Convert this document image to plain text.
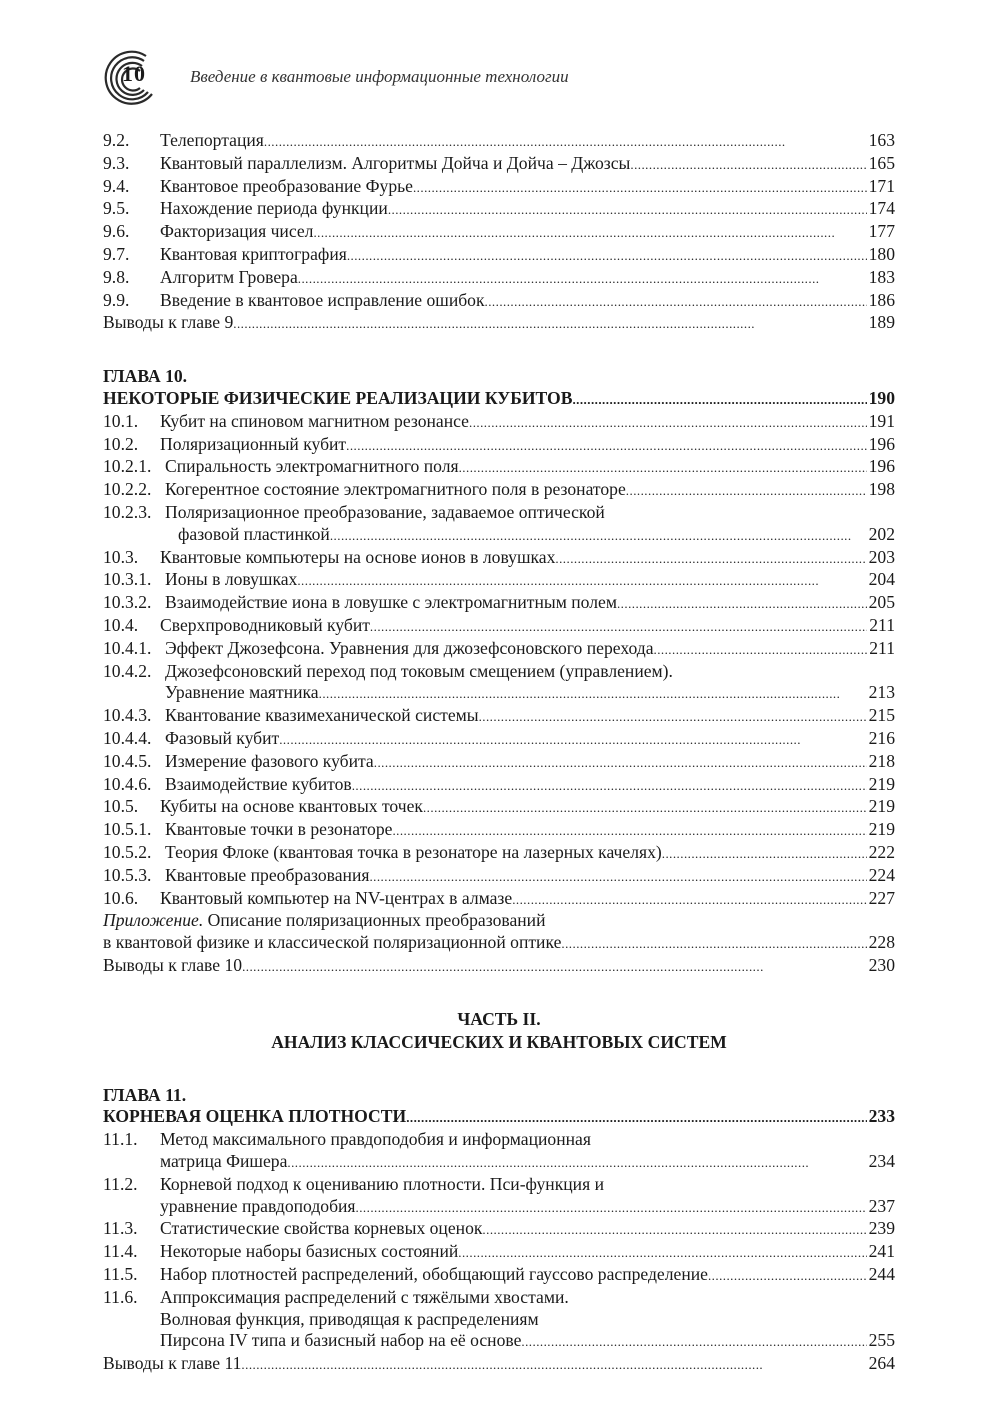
10	Введение в квантовые информационные технологии
9.2.	Телепортация . . .	163
9.3.	Квантовый параллелизм. Алгоритмы Дойча и Дойча – Джозсы . . .	165
9.4.	Квантовое преобразование Фурье . . .	171
9.5.	Нахождение периода функции . . .	174
9.6.	Факторизация чисел . . .	177
9.7.	Квантовая криптография . . .	180
9.8.	Алгоритм Гровера . . .	183
9.9.	Введение в квантовое исправление ошибок . . .	186
Выводы к главе 9 . . .	189
ГЛАВА 10.
НЕКОТОРЫЕ ФИЗИЧЕСКИЕ РЕАЛИЗАЦИИ КУБИТОВ . . .	190
10.1.	Кубит на спиновом магнитном резонансе . . .	191
10.2.	Поляризационный кубит . . .	196
10.2.1. Спиральность электромагнитного поля . . .	196
10.2.2. Когерентное состояние электромагнитного поля в резонаторе . . .	198
10.2.3. Поляризационное преобразование, задаваемое оптической
фазовой пластинкой . . .	202
10.3.	Квантовые компьютеры на основе ионов в ловушках . . .	203
10.3.1. Ионы в ловушках . . .	204
10.3.2. Взаимодействие иона в ловушке с электромагнитным полем . . .	205
10.4.	Сверхпроводниковый кубит . . .	211
10.4.1. Эффект Джозефсона. Уравнения для джозефсоновского перехода . . .	211
10.4.2. Джозефсоновский переход под токовым смещением (управлением).
Уравнение маятника . . .	213
10.4.3. Квантование квазимеханической системы . . .	215
10.4.4. Фазовый кубит . . .	216
10.4.5. Измерение фазового кубита . . .	218
10.4.6. Взаимодействие кубитов . . .	219
10.5.	Кубиты на основе квантовых точек . . .	219
10.5.1. Квантовые точки в резонаторе . . .	219
10.5.2. Теория Флоке (квантовая точка в резонаторе на лазерных качелях) . . .	222
10.5.3. Квантовые преобразования . . .	224
10.6.	Квантовый компьютер на NV-центрах в алмазе . . .	227
Приложение. Описание поляризационных преобразований
в квантовой физике и классической поляризационной оптике . . .	228
Выводы к главе 10 . . .	230
ЧАСТЬ II.
АНАЛИЗ КЛАССИЧЕСКИХ И КВАНТОВЫХ СИСТЕМ
ГЛАВА 11.
КОРНЕВАЯ ОЦЕНКА ПЛОТНОСТИ . . .	233
11.1. Метод максимального правдоподобия и информационная
матрица Фишера . . .	234
11.2. Корневой подход к оцениванию плотности. Пси-функция и
уравнение правдоподобия . . .	237
11.3.	Статистические свойства корневых оценок . . .	239
11.4.	Некоторые наборы базисных состояний . . .	241
11.5.	Набор плотностей распределений, обобщающий гауссово распределение . . .	244
11.6. Аппроксимация распределений с тяжёлыми хвостами.
Волновая функция, приводящая к распределениям
Пирсона IV типа и базисный набор на её основе . . .	255
Выводы к главе 11 . . .	264
